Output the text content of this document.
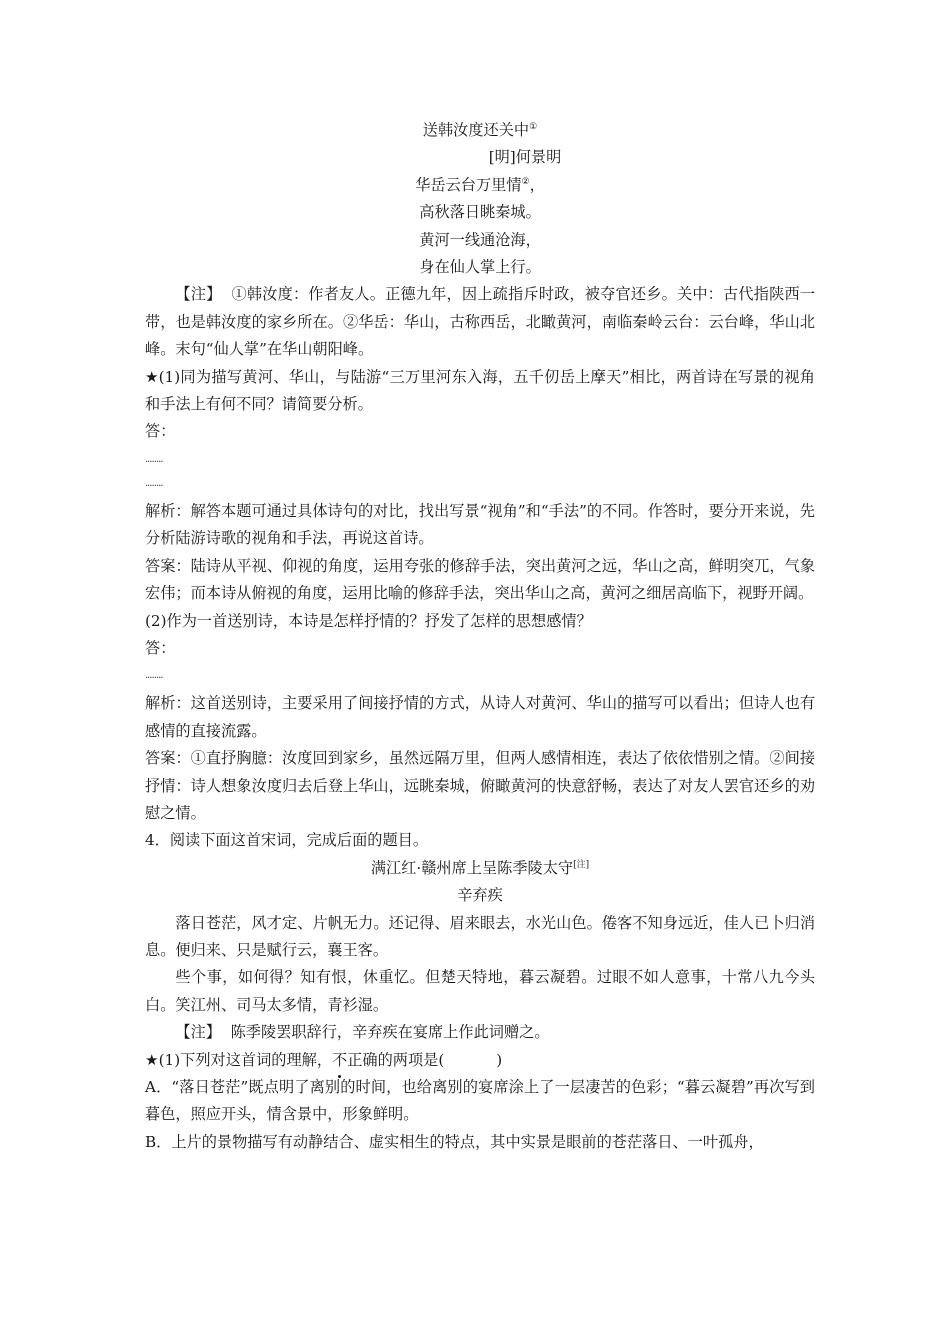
送韩汝度还关中①
[明]何景明
华岳云台万里情②，
高秋落日眺秦城。
黄河一线通沧海，
身在仙人掌上行。
【注】 ①韩汝度：作者友人。正德九年，因上疏指斥时政，被夺官还乡。关中：古代指陕西一带，也是韩汝度的家乡所在。②华岳：华山，古称西岳，北瞰黄河，南临秦岭云台：云台峰，华山北峰。末句“仙人掌”在华山朝阳峰。
★(1)同为描写黄河、华山，与陆游“三万里河东入海，五千仞岳上摩天”相比，两首诗在写景的视角和手法上有何不同？请简要分析。
答：
........
........
解析：解答本题可通过具体诗句的对比，找出写景“视角”和“手法”的不同。作答时，要分开来说，先分析陆游诗歌的视角和手法，再说这首诗。
答案：陆诗从平视、仰视的角度，运用夸张的修辞手法，突出黄河之远，华山之高，鲜明突兀，气象宏伟；而本诗从俯视的角度，运用比喻的修辞手法，突出华山之高，黄河之细居高临下，视野开阔。
(2)作为一首送别诗，本诗是怎样抒情的？抒发了怎样的思想感情？
答：
........
解析：这首送别诗，主要采用了间接抒情的方式，从诗人对黄河、华山的描写可以看出；但诗人也有感情的直接流露。
答案：①直抒胸臆：汝度回到家乡，虽然远隔万里，但两人感情相连，表达了依依惜别之情。②间接抒情：诗人想象汝度归去后登上华山，远眺秦城，俯瞰黄河的快意舒畅，表达了对友人罢官还乡的劝慰之情。
4．阅读下面这首宋词，完成后面的题目。
满江红·赣州席上呈陈季陵太守[注]
辛弃疾
落日苍茫，风才定、片帆无力。还记得、眉来眼去，水光山色。倦客不知身远近，佳人已卜归消息。便归来、只是赋行云，襄王客。
些个事，如何得？知有恨，休重忆。但楚天特地，暮云凝碧。过眼不如人意事，十常八九今头白。笑江州、司马太多情，青衫湿。
【注】 陈季陵罢职辞行，辛弃疾在宴席上作此词赠之。
★(1)下列对这首词的理解，不正确的两项是(	)
A．“落日苍茫”既点明了离别的时间，也给离别的宴席涂上了一层凄苦的色彩；“暮云凝碧”再次写到暮色，照应开头，情含景中，形象鲜明。
B．上片的景物描写有动静结合、虚实相生的特点，其中实景是眼前的苍茫落日、一叶孤舟，
